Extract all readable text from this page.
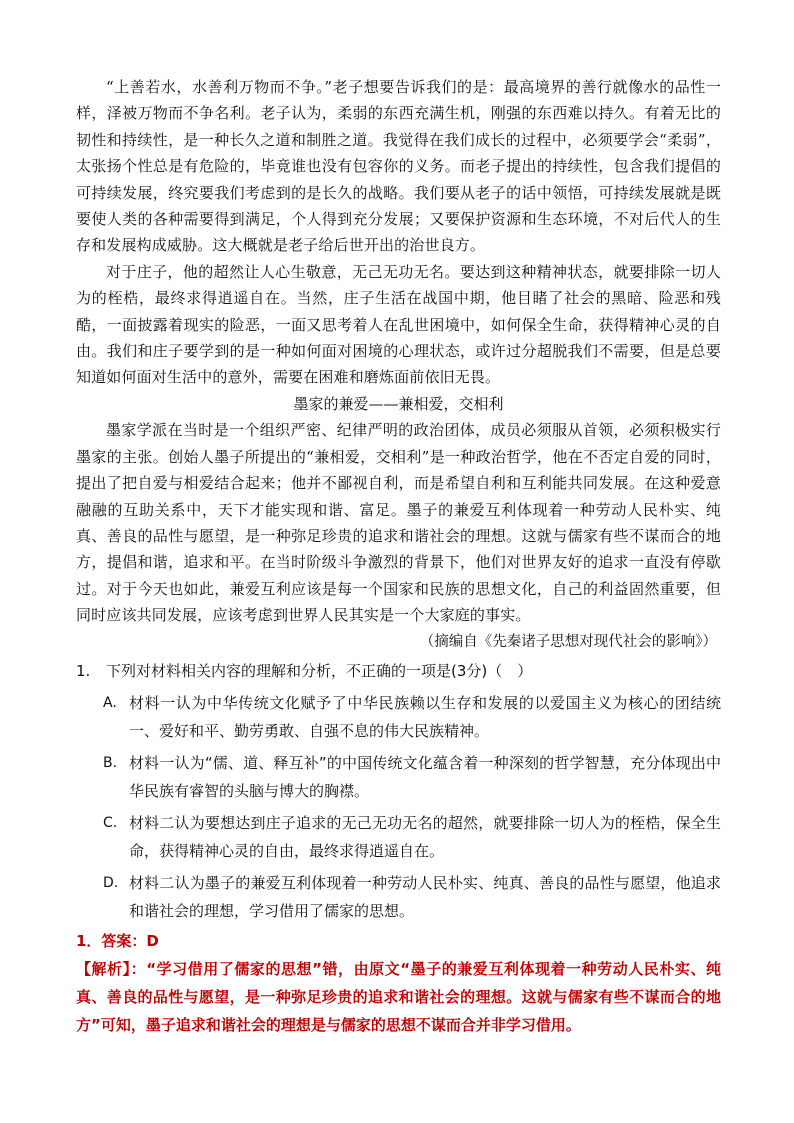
“上善若水，水善利万物而不争。”老子想要告诉我们的是：最高境界的善行就像水的品性一样，泽被万物而不争名利。老子认为，柔弱的东西充满生机，刚强的东西难以持久。有着无比的韧性和持续性，是一种长久之道和制胜之道。我觉得在我们成长的过程中，必须要学会“柔弱”，太张扬个性总是有危险的，毕竟谁也没有包容你的义务。而老子提出的持续性，包含我们提倡的可持续发展，终究要我们考虑到的是长久的战略。我们要从老子的话中领悟，可持续发展就是既要使人类的各种需要得到满足，个人得到充分发展；又要保护资源和生态环境，不对后代人的生存和发展构成威胁。这大概就是老子给后世开出的治世良方。

对于庄子，他的超然让人心生敬意，无己无功无名。要达到这种精神状态，就要排除一切人为的桎梏，最终求得逍遥自在。当然，庄子生活在战国中期，他目睹了社会的黑暗、险恶和残酷，一面披露着现实的险恶，一面又思考着人在乱世困境中，如何保全生命，获得精神心灵的自由。我们和庄子要学到的是一种如何面对困境的心理状态，或许过分超脱我们不需要，但是总要知道如何面对生活中的意外，需要在困难和磨炼面前依旧无畏。

墨家的兼爱——兼相爱，交相利

墨家学派在当时是一个组织严密、纪律严明的政治团体，成员必须服从首领，必须积极实行墨家的主张。创始人墨子所提出的“兼相爱，交相利”是一种政治哲学，他在不否定自爱的同时，提出了把自爱与相爱结合起来；他并不鄙视自利，而是希望自利和互利能共同发展。在这种爱意融融的互助关系中，天下才能实现和谐、富足。墨子的兼爱互利体现着一种劳动人民朴实、纯真、善良的品性与愿望，是一种弥足珍贵的追求和谐社会的理想。这就与儒家有些不谋而合的地方，提倡和谐，追求和平。在当时阶级斗争激烈的背景下，他们对世界友好的追求一直没有停歇过。对于今天也如此，兼爱互利应该是每一个国家和民族的思想文化，自己的利益固然重要，但同时应该共同发展，应该考虑到世界人民其实是一个大家庭的事实。

（摘编自《先秦诸子思想对现代社会的影响》）
1.	下列对材料相关内容的理解和分析，不正确的一项是(3分)（　）
A. 材料一认为中华传统文化赋予了中华民族赖以生存和发展的以爱国主义为核心的团结统一、爱好和平、勤劳勇敢、自强不息的伟大民族精神。
B. 材料一认为“儒、道、释互补”的中国传统文化蕴含着一种深刻的哲学智慧，充分体现出中华民族有睿智的头脑与博大的胸襟。
C. 材料二认为要想达到庄子追求的无己无功无名的超然，就要排除一切人为的桎梏，保全生命，获得精神心灵的自由，最终求得逍遥自在。
D. 材料二认为墨子的兼爱互利体现着一种劳动人民朴实、纯真、善良的品性与愿望，他追求和谐社会的理想，学习借用了儒家的思想。
1．答案：D
【解析】：“学习借用了儒家的思想”错，由原文“墨子的兼爱互利体现着一种劳动人民朴实、纯真、善良的品性与愿望，是一种弥足珍贵的追求和谐社会的理想。这就与儒家有些不谋而合的地方”可知，墨子追求和谐社会的理想是与儒家的思想不谋而合并非学习借用。
